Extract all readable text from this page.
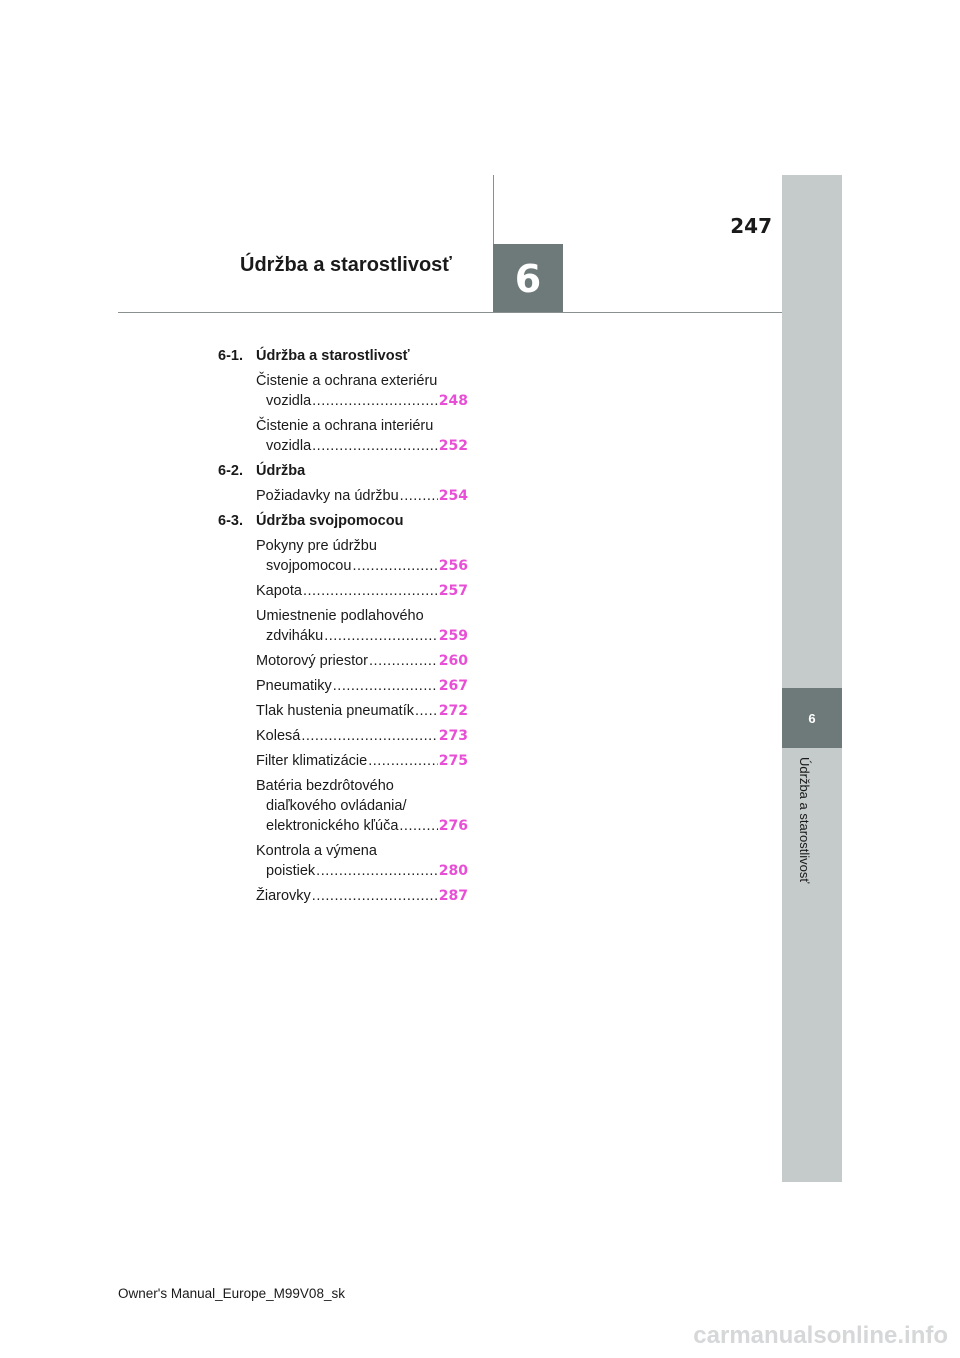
247
Údržba a starostlivosť 6
6
Údržba a starostlivosť
6-1. Údržba a starostlivosť
Čistenie a ochrana exteriéru
vozidla .....	248
Čistenie a ochrana interiéru
vozidla .....	252
6-2. Údržba
Požiadavky na údržbu .....	254
6-3. Údržba svojpomocou
Pokyny pre údržbu
svojpomocou .....	256
Kapota .....	257
Umiestnenie podlahového
zdviháku .....	259
Motorový priestor .....	260
Pneumatiky .....	267
Tlak hustenia pneumatík ..... 272
Kolesá .....	273
Filter klimatizácie .....	275
Batéria bezdrôtového
diaľkového ovládania/
elektronického kľúča .....	276
Kontrola a výmena
poistiek .....	280
Žiarovky .....	287
Owner's Manual_Europe_M99V08_sk
carmanualsonline.info
